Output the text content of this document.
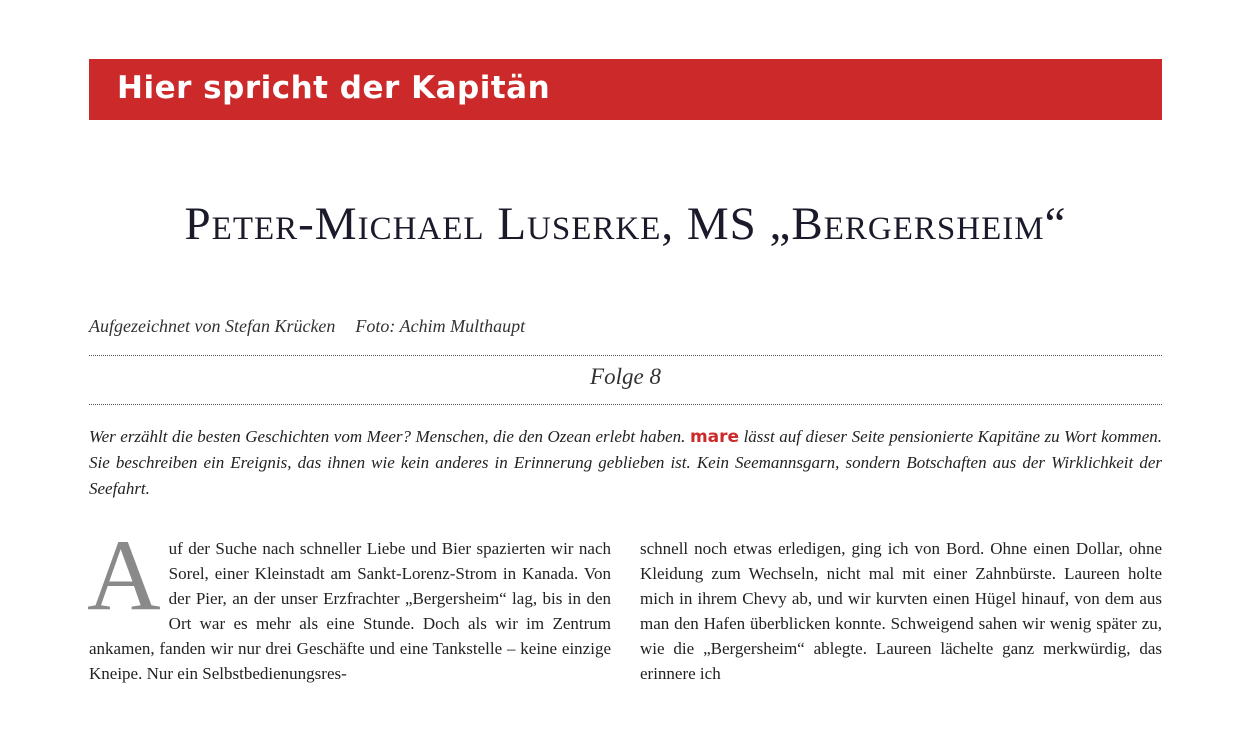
Hier spricht der Kapitän
Peter-Michael Luserke, MS „Bergersheim“
Aufgezeichnet von Stefan Krücken Foto: Achim Multhaupt
Folge 8

Wer erzählt die besten Geschichten vom Meer? Menschen, die den Ozean erlebt haben. mare lässt auf dieser Seite pensionierte Kapitäne zu Wort kommen. Sie beschreiben ein Ereignis, das ihnen wie kein anderes in Erinnerung geblieben ist. Kein Seemannsgarn, sondern Botschaften aus der Wirklichkeit der Seefahrt.

Auf der Suche nach schneller Liebe und Bier spazierten wir nach Sorel, einer Kleinstadt am Sankt-Lorenz-Strom in Kanada. Von der Pier, an der unser Erzfrachter „Bergersheim“ lag, bis in den Ort war es mehr als eine Stunde. Doch als wir im Zentrum ankamen, fanden wir nur drei Geschäfte und eine Tankstelle – keine einzige Kneipe. Nur ein Selbstbedienungsres-

schnell noch etwas erledigen, ging ich von Bord. Ohne einen Dollar, ohne Kleidung zum Wechseln, nicht mal mit einer Zahnbürste. Laureen holte mich in ihrem Chevy ab, und wir kurvten einen Hügel hinauf, von dem aus man den Hafen überblicken konnte. Schweigend sahen wir wenig später zu, wie die „Bergersheim“ ablegte. Laureen lächelte ganz merkwürdig, das erinnere ich
